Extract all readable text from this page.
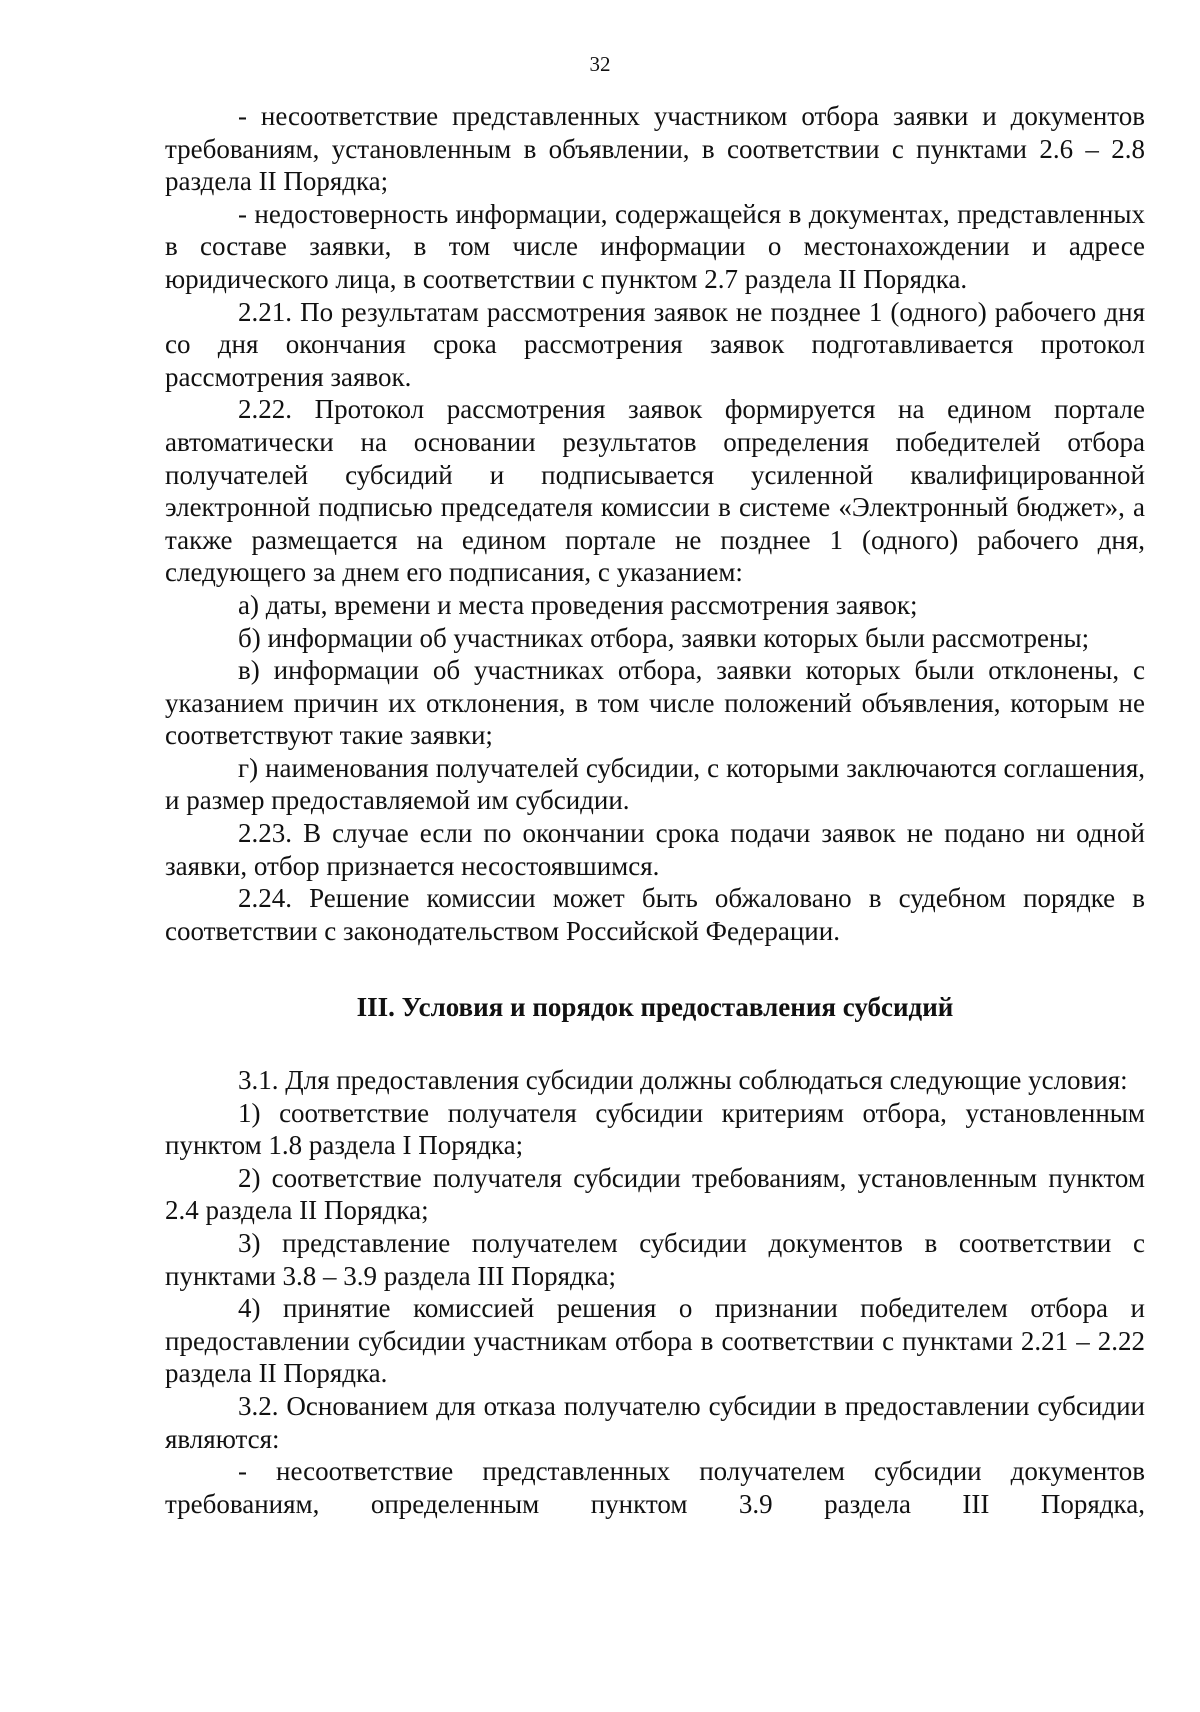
32

- несоответствие представленных участником отбора заявки и документов требованиям, установленным в объявлении, в соответствии с пунктами 2.6 – 2.8 раздела II Порядка;

- недостоверность информации, содержащейся в документах, представленных в составе заявки, в том числе информации о местонахождении и адресе юридического лица, в соответствии с пунктом 2.7 раздела II Порядка.

2.21. По результатам рассмотрения заявок не позднее 1 (одного) рабочего дня со дня окончания срока рассмотрения заявок подготавливается протокол рассмотрения заявок.

2.22. Протокол рассмотрения заявок формируется на едином портале автоматически на основании результатов определения победителей отбора получателей субсидий и подписывается усиленной квалифицированной электронной подписью председателя комиссии в системе «Электронный бюджет», а также размещается на едином портале не позднее 1 (одного) рабочего дня, следующего за днем его подписания, с указанием:

а) даты, времени и места проведения рассмотрения заявок;

б) информации об участниках отбора, заявки которых были рассмотрены;

в) информации об участниках отбора, заявки которых были отклонены, с указанием причин их отклонения, в том числе положений объявления, которым не соответствуют такие заявки;

г) наименования получателей субсидии, с которыми заключаются соглашения, и размер предоставляемой им субсидии.

2.23. В случае если по окончании срока подачи заявок не подано ни одной заявки, отбор признается несостоявшимся.

2.24. Решение комиссии может быть обжаловано в судебном порядке в соответствии с законодательством Российской Федерации.

III. Условия и порядок предоставления субсидий

3.1. Для предоставления субсидии должны соблюдаться следующие условия:

1) соответствие получателя субсидии критериям отбора, установленным пунктом 1.8 раздела I Порядка;

2) соответствие получателя субсидии требованиям, установленным пунктом 2.4 раздела II Порядка;

3) представление получателем субсидии документов в соответствии с пунктами 3.8 – 3.9 раздела III Порядка;

4) принятие комиссией решения о признании победителем отбора и предоставлении субсидии участникам отбора в соответствии с пунктами 2.21 – 2.22 раздела II Порядка.

3.2. Основанием для отказа получателю субсидии в предоставлении субсидии являются:

- несоответствие представленных получателем субсидии документов требованиям, определенным пунктом 3.9 раздела III Порядка,
